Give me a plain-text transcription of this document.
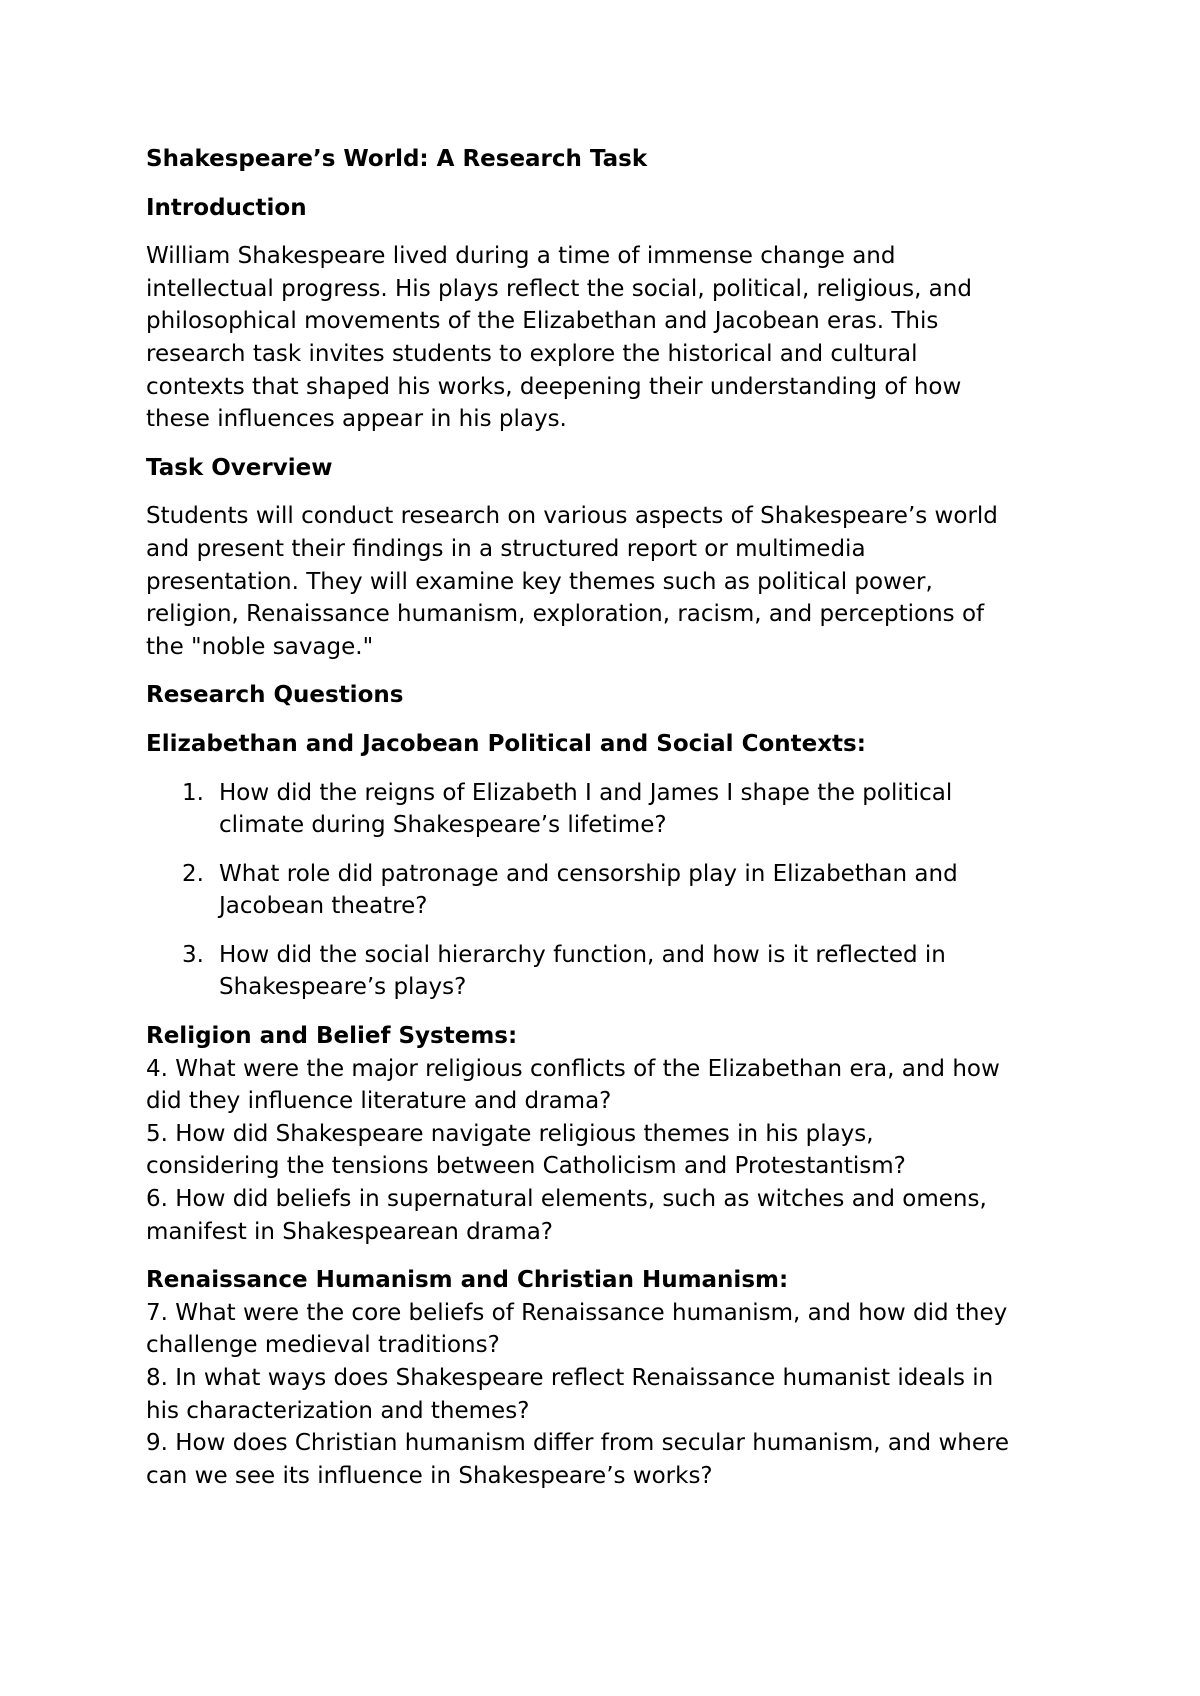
Shakespeare’s World: A Research Task

Introduction

William Shakespeare lived during a time of immense change and
intellectual progress. His plays reflect the social, political, religious, and
philosophical movements of the Elizabethan and Jacobean eras. This
research task invites students to explore the historical and cultural
contexts that shaped his works, deepening their understanding of how
these influences appear in his plays.

Task Overview

Students will conduct research on various aspects of Shakespeare’s world
and present their findings in a structured report or multimedia
presentation. They will examine key themes such as political power,
religion, Renaissance humanism, exploration, racism, and perceptions of
the "noble savage."

Research Questions

Elizabethan and Jacobean Political and Social Contexts:

1. How did the reigns of Elizabeth I and James I shape the political
climate during Shakespeare’s lifetime?
2. What role did patronage and censorship play in Elizabethan and
Jacobean theatre?
3. How did the social hierarchy function, and how is it reflected in
Shakespeare’s plays?

Religion and Belief Systems:

4. What were the major religious conflicts of the Elizabethan era, and how
did they influence literature and drama?
5. How did Shakespeare navigate religious themes in his plays,
considering the tensions between Catholicism and Protestantism?
6. How did beliefs in supernatural elements, such as witches and omens,
manifest in Shakespearean drama?

Renaissance Humanism and Christian Humanism:

7. What were the core beliefs of Renaissance humanism, and how did they
challenge medieval traditions?
8. In what ways does Shakespeare reflect Renaissance humanist ideals in
his characterization and themes?
9. How does Christian humanism differ from secular humanism, and where
can we see its influence in Shakespeare’s works?
